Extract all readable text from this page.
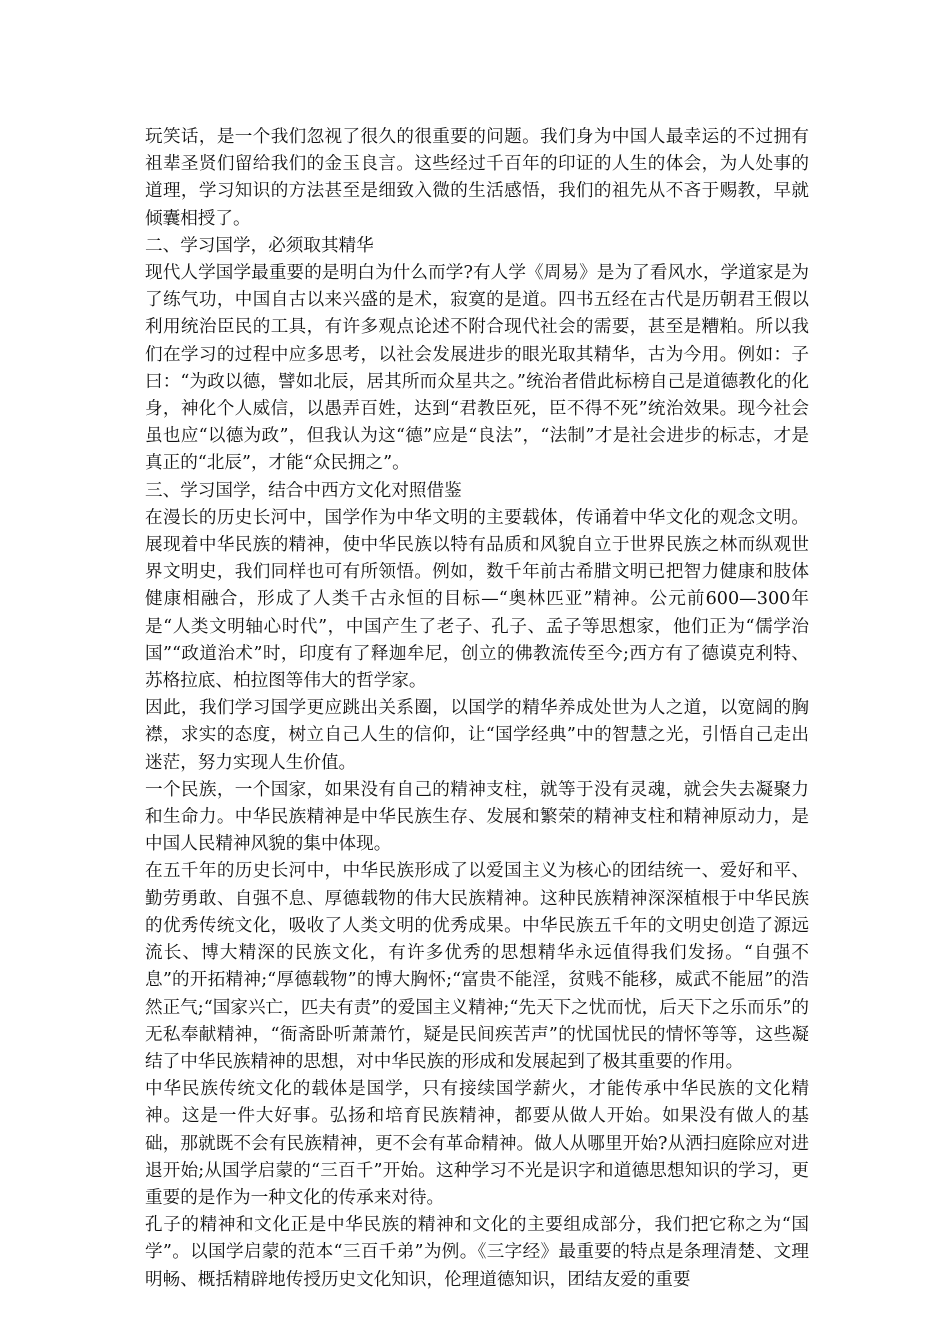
玩笑话，是一个我们忽视了很久的很重要的问题。我们身为中国人最幸运的不过拥有祖辈圣贤们留给我们的金玉良言。这些经过千百年的印证的人生的体会，为人处事的道理，学习知识的方法甚至是细致入微的生活感悟，我们的祖先从不吝于赐教，早就倾囊相授了。

二、学习国学，必须取其精华

现代人学国学最重要的是明白为什么而学?有人学《周易》是为了看风水，学道家是为了练气功，中国自古以来兴盛的是术，寂寞的是道。四书五经在古代是历朝君王假以利用统治臣民的工具，有许多观点论述不附合现代社会的需要，甚至是糟粕。所以我们在学习的过程中应多思考，以社会发展进步的眼光取其精华，古为今用。例如：子曰：“为政以德，譬如北辰，居其所而众星共之。”统治者借此标榜自己是道德教化的化身，神化个人威信，以愚弄百姓，达到“君教臣死，臣不得不死”统治效果。现今社会虽也应“以德为政”，但我认为这“德”应是“良法”，“法制”才是社会进步的标志，才是真正的“北辰”，才能“众民拥之”。

三、学习国学，结合中西方文化对照借鉴

在漫长的历史长河中，国学作为中华文明的主要载体，传诵着中华文化的观念文明。展现着中华民族的精神，使中华民族以特有品质和风貌自立于世界民族之林而纵观世界文明史，我们同样也可有所领悟。例如，数千年前古希腊文明已把智力健康和肢体健康相融合，形成了人类千古永恒的目标—“奥林匹亚”精神。公元前600—300年是“人类文明轴心时代”，中国产生了老子、孔子、孟子等思想家，他们正为“儒学治国”“政道治术”时，印度有了释迦牟尼，创立的佛教流传至今;西方有了德谟克利特、苏格拉底、柏拉图等伟大的哲学家。

因此，我们学习国学更应跳出关系圈，以国学的精华养成处世为人之道，以宽阔的胸襟，求实的态度，树立自己人生的信仰，让“国学经典”中的智慧之光，引悟自己走出迷茫，努力实现人生价值。

一个民族，一个国家，如果没有自己的精神支柱，就等于没有灵魂，就会失去凝聚力和生命力。中华民族精神是中华民族生存、发展和繁荣的精神支柱和精神原动力，是中国人民精神风貌的集中体现。

在五千年的历史长河中，中华民族形成了以爱国主义为核心的团结统一、爱好和平、勤劳勇敢、自强不息、厚德载物的伟大民族精神。这种民族精神深深植根于中华民族的优秀传统文化，吸收了人类文明的优秀成果。中华民族五千年的文明史创造了源远流长、博大精深的民族文化，有许多优秀的思想精华永远值得我们发扬。“自强不息”的开拓精神;“厚德载物”的博大胸怀;“富贵不能淫，贫贱不能移，威武不能屈”的浩然正气;“国家兴亡，匹夫有责”的爱国主义精神;“先天下之忧而忧，后天下之乐而乐”的无私奉献精神，“衙斋卧听萧萧竹，疑是民间疾苦声”的忧国忧民的情怀等等，这些凝结了中华民族精神的思想，对中华民族的形成和发展起到了极其重要的作用。

中华民族传统文化的载体是国学，只有接续国学薪火，才能传承中华民族的文化精神。这是一件大好事。弘扬和培育民族精神，都要从做人开始。如果没有做人的基础，那就既不会有民族精神，更不会有革命精神。做人从哪里开始?从洒扫庭除应对进退开始;从国学启蒙的“三百千”开始。这种学习不光是识字和道德思想知识的学习，更重要的是作为一种文化的传承来对待。

孔子的精神和文化正是中华民族的精神和文化的主要组成部分，我们把它称之为“国学”。以国学启蒙的范本“三百千弟”为例。《三字经》最重要的特点是条理清楚、文理明畅、概括精辟地传授历史文化知识，伦理道德知识，团结友爱的重要
